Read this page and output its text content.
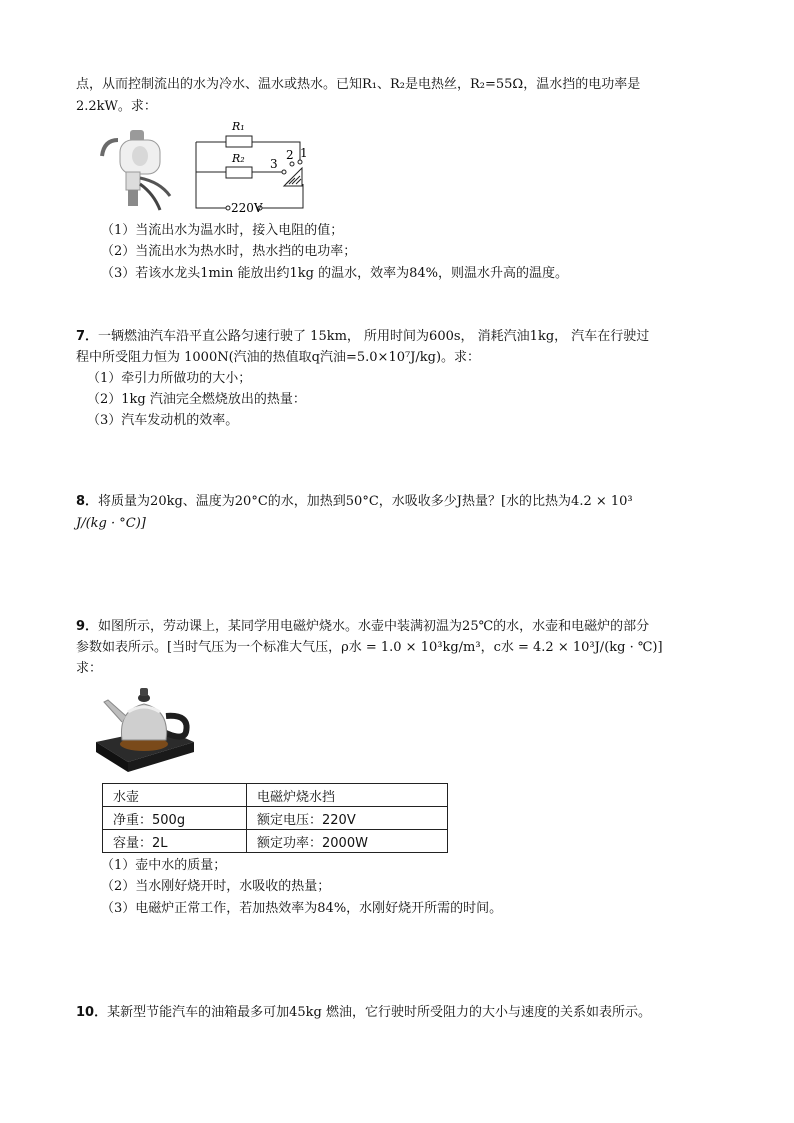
点，从而控制流出的水为冷水、温水或热水。已知R₁、R₂是电热丝，R₂=55Ω，温水挡的电功率是
2.2kW。求：
R₁
R₂ 3
2 1
220V
（1）当流出水为温水时，接入电阻的值；
（2）当流出水为热水时，热水挡的电功率；
（3）若该水龙头1min 能放出约1kg 的温水，效率为84%，则温水升高的温度。
7．一辆燃油汽车沿平直公路匀速行驶了 15km， 所用时间为600s， 消耗汽油1kg， 汽车在行驶过
程中所受阻力恒为 1000N(汽油的热值取q汽油=5.0×10⁷J/kg)。求：
（1）牵引力所做功的大小；
（2）1kg 汽油完全燃烧放出的热量：
（3）汽车发动机的效率。
8．将质量为20kg、温度为20°C的水，加热到50°C，水吸收多少J热量？[水的比热为4.2 × 10³
J/(kg · °C)]
9．如图所示，劳动课上，某同学用电磁炉烧水。水壶中装满初温为25℃的水，水壶和电磁炉的部分
参数如表所示。[当时气压为一个标准大气压，ρ水 = 1.0 × 10³kg/m³，c水 = 4.2 × 10³J/(kg · ℃)]
求：
水壶	电磁炉烧水挡
净重：500g	额定电压：220V
容量：2L	额定功率：2000W
（1）壶中水的质量；
（2）当水刚好烧开时，水吸收的热量；
（3）电磁炉正常工作，若加热效率为84%，水刚好烧开所需的时间。
10．某新型节能汽车的油箱最多可加45kg 燃油，它行驶时所受阻力的大小与速度的关系如表所示。
